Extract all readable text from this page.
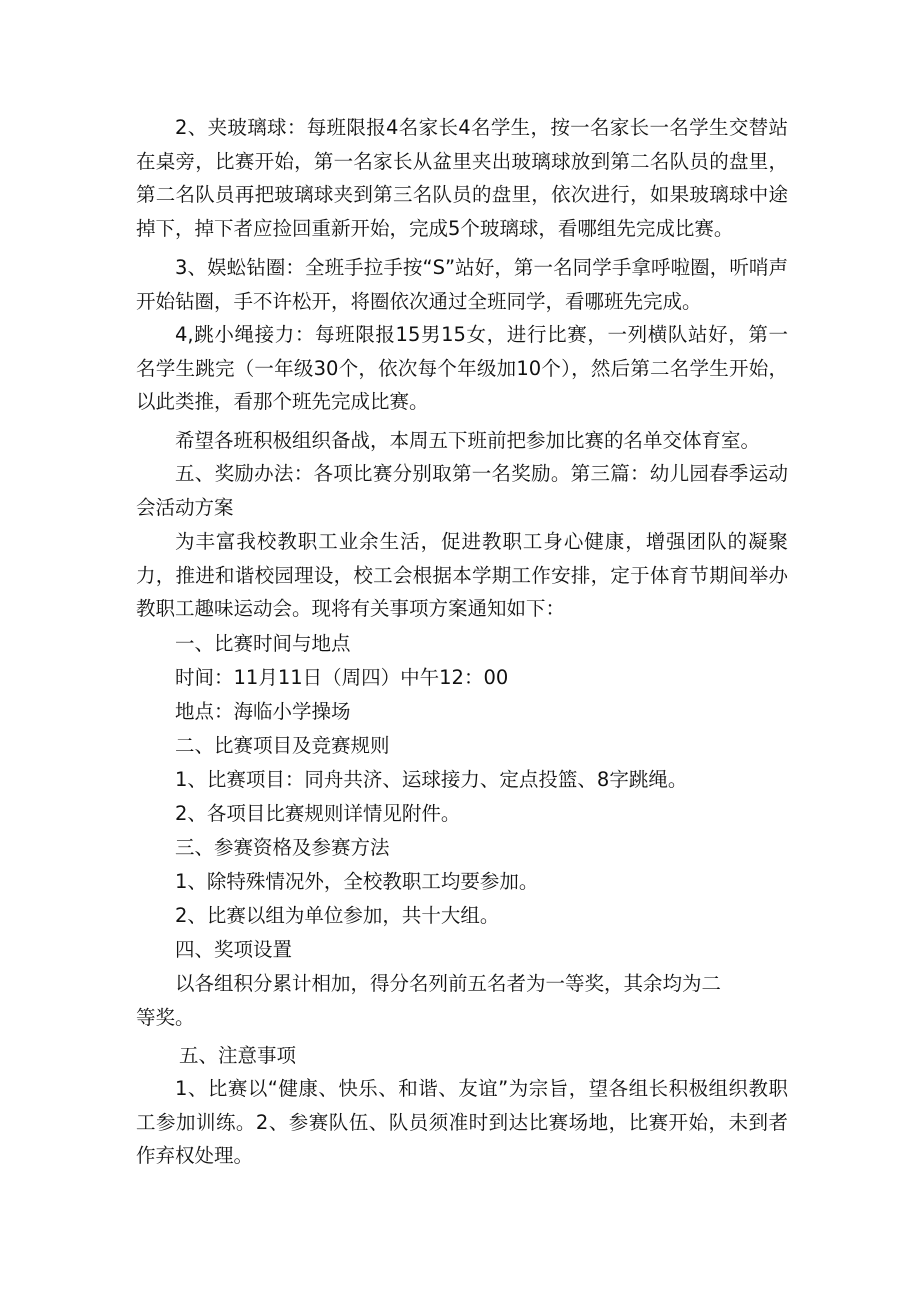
2、夹玻璃球：每班限报4名家长4名学生，按一名家长一名学生交替站在桌旁，比赛开始，第一名家长从盆里夹出玻璃球放到第二名队员的盘里，第二名队员再把玻璃球夹到第三名队员的盘里，依次进行，如果玻璃球中途掉下，掉下者应捡回重新开始，完成5个玻璃球，看哪组先完成比赛。

3、娱蚣钻圈：全班手拉手按“S”站好，第一名同学手拿呼啦圈，听哨声开始钻圈，手不许松开，将圈依次通过全班同学，看哪班先完成。

4,跳小绳接力：每班限报15男15女，进行比赛，一列横队站好，第一名学生跳完（一年级30个，依次每个年级加10个），然后第二名学生开始，以此类推，看那个班先完成比赛。

希望各班积极组织备战，本周五下班前把参加比赛的名单交体育室。

五、奖励办法：各项比赛分别取第一名奖励。第三篇：幼儿园春季运动会活动方案

为丰富我校教职工业余生活，促进教职工身心健康，增强团队的凝聚力，推进和谐校园理设，校工会根据本学期工作安排，定于体育节期间举办教职工趣味运动会。现将有关事项方案通知如下：

一、比赛时间与地点

时间：11月11日（周四）中午12：00

地点：海临小学操场

二、比赛项目及竞赛规则

1、比赛项目：同舟共济、运球接力、定点投篮、8字跳绳。

2、各项目比赛规则详情见附件。

三、参赛资格及参赛方法

1、除特殊情况外，全校教职工均要参加。

2、比赛以组为单位参加，共十大组。

四、奖项设置

以各组积分累计相加，得分名列前五名者为一等奖，其余均为二

等奖。

五、注意事项

1、比赛以“健康、快乐、和谐、友谊”为宗旨，望各组长积极组织教职工参加训练。2、参赛队伍、队员须准时到达比赛场地，比赛开始，未到者作弃权处理。
